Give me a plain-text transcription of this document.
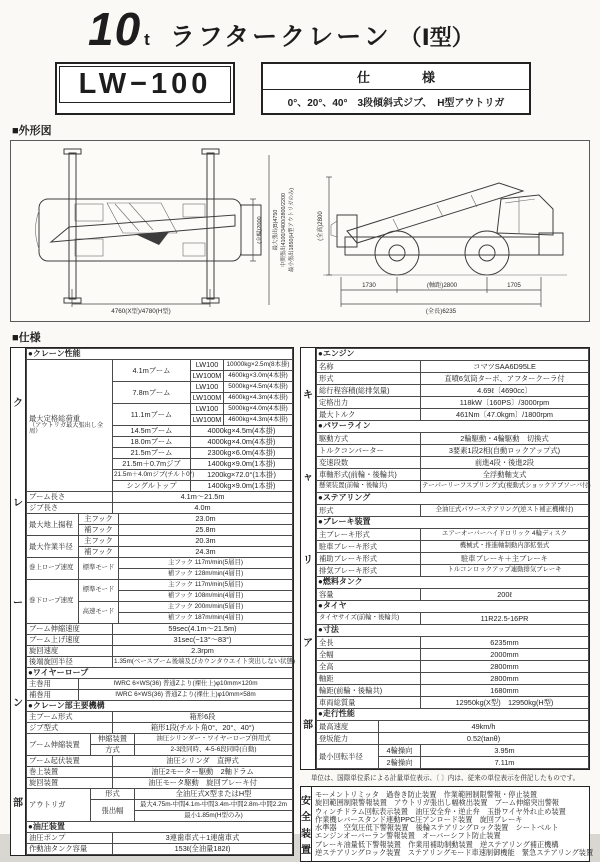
10 t ラフタークレーン （Ⅰ型）
LW−100	仕　　　　様
0°、20°、40°　3段傾斜式ジブ、　H型アウトリガ
■外形図
4760(X型)/4780(H型)
(全幅)2000	最大張出(B)4750 中間張出4100/3400/2800/2200 最小張出1850(H型アウトリガのみ)	(全高)2800
1730	(軸距)2800	1705
(全長)6235
■仕様
ク
レ
ー
ン
部
●クレーン性能			

最大定格総荷重
（アウトリガ最大張出し全周）	4.1mブーム	LW100	10000kg×2.5m(8本掛)
		LW100M	4600kg×3.0m(4本掛)
	7.8mブーム	LW100	5000kg×4.5m(4本掛)
		LW100M	4600kg×4.3m(4本掛)
	11.1mブーム	LW100	5000kg×4.0m(4本掛)
		LW100M	4600kg×4.3m(4本掛)
	14.5mブーム	4000kg×4.5m(4本掛)	
	18.0mブーム	4000kg×4.0m(4本掛)	
	21.5mブーム	2300kg×6.0m(4本掛)	
	21.5m＋0.7mジブ	1400kg×9.0m(1本掛)	
	21.5m＋4.0mジブ(チルト0°)	1200kg×72.0°(1本掛)	
	シングルトップ	1400kg×9.0m(1本掛)	
ブーム長さ	4.1m〜21.5m
ジブ長さ	4.0m
最大地上揚程	主フック	23.0m
	補フック	25.8m
最大作業半径	主フック	20.3m
	補フック	24.3m
巻上ロープ速度	標準モード	主フック 117m/min(5層目)
		補フック 128m/min(4層目)
巻下ロープ速度	標準モード	主フック 117m/min(5層目)
		補フック 108m/min(4層目)
	高速モード	主フック 200m/min(5層目)
		補フック 187m/min(4層目)
ブーム伸縮速度	59sec(4.1m〜21.5m)
ブーム上げ速度	31sec(−13°〜83°)
旋回速度	2.3rpm
後端旋回半径	1.35m(ベースブーム後端及びカウンタウエイト突出しない状態)
●ワイヤーロープ	
主巻用	IWRC 6×WS(36) 普通Zより(裸仕上)φ10mm×120m
補巻用	IWRC 6×WS(36) 普通Zより(裸仕上)φ10mm×58m
●クレーン部主要機構	
主ブーム形式	箱形6段
ジブ型式	箱形1段(チルト角0°、20°、40°)
ブーム伸縮装置	伸縮装置	油圧シリンダー・ワイヤーロープ併用式
	方式	2‐3段同時、4‐5‐6段同時(自動)
ブーム起伏装置	油圧シリンダ　直押式
巻上装置	油圧2モーター駆動　2軸ドラム
旋回装置	油圧モータ駆動　旋回ブレーキ付
アウトリガ	形式	全油圧式X型またはH型
	張出幅	最大4.75m‐中間4.1m‐中間3.4m‐中間2.8m‐中間2.2m
		最小1.85m(H型のみ)
●油圧装置	
油圧ポンプ	3連歯車式＋1連歯車式
作動油タンク容量	153ℓ(全油量182ℓ)
キ
ャ
リ
ア
部
●エンジン	
名称	コマツSAA6D95LE
形式	直噴6気筒ターボ、アフタークーラ付
総行程容積(総排気量)	4.69ℓ〔4690cc〕
定格出力	118kW〔160PS〕/3000rpm
最大トルク	461Nm〔47.0kgm〕/1800rpm
●パワーライン	
駆動方式	2輪駆動・4輪駆動　切換式
トルクコンバーター	3要素1段2相(自動ロックアップ式)
変速段数	前進4段・後進2段
車軸形式(前輪・後輪共)	全浮動軸支式
懸架装置(前輪・後輪共)	テーパーリーフスプリング式(複動式ショックアブソーバ付)
●ステアリング
形式	全油圧式パワーステアリング(逆スト補正機構付)
●ブレーキ装置	
主ブレーキ形式	エアーオーバーハイドロリック 4輪ディスク
駐車ブレーキ形式	機械式・推進軸制動内部拡張式
補助ブレーキ形式	駐車ブレーキ＋主ブレーキ
排気ブレーキ形式	トルコンロックアップ連動排気ブレーキ
●燃料タンク
容量	200ℓ
●タイヤ
タイヤサイズ(前輪・後輪共)	11R22.5‐16PR
●寸法	
全長	6235mm
全幅	2000mm
全高	2800mm
軸距	2800mm
輪距(前輪・後輪共)	1680mm
車両総質量	12950kg(X型)　12950kg(H型)
●走行性能		
最高速度	49km/h	
登坂能力	0.52(tanθ)	
最小回転半径	4輪操向	3.95m
	2輪操向	7.11m
単位は、国際単位系による計量単位表示、〔 〕内は、従来の単位表示を併記したものです。
安
全
装
置
モーメントリミッタ　過巻き防止装置　作業範囲制限警報・停止装置
旋回範囲制限警報装置　アウトリガ張出し幅検出装置　ブーム伸縮突出警報
ウィンチドラム回転表示装置　油圧安全弁・逆止弁　玉掛ワイヤ外れ止め装置
作業機レバースタンド連動PPC圧アンロード装置　旋回ブレーキ
水準器　空気圧低下警報装置　後輪ステアリングロック装置　シートベルト
エンジンオーバーラン警報装置　オーバーシフト防止装置
ブレーキ油量低下警報装置　作業用補助制動装置　逆ステアリング補正機構
逆ステアリングロック装置　ステアリングモード車速制御機能　緊急ステアリング装置
